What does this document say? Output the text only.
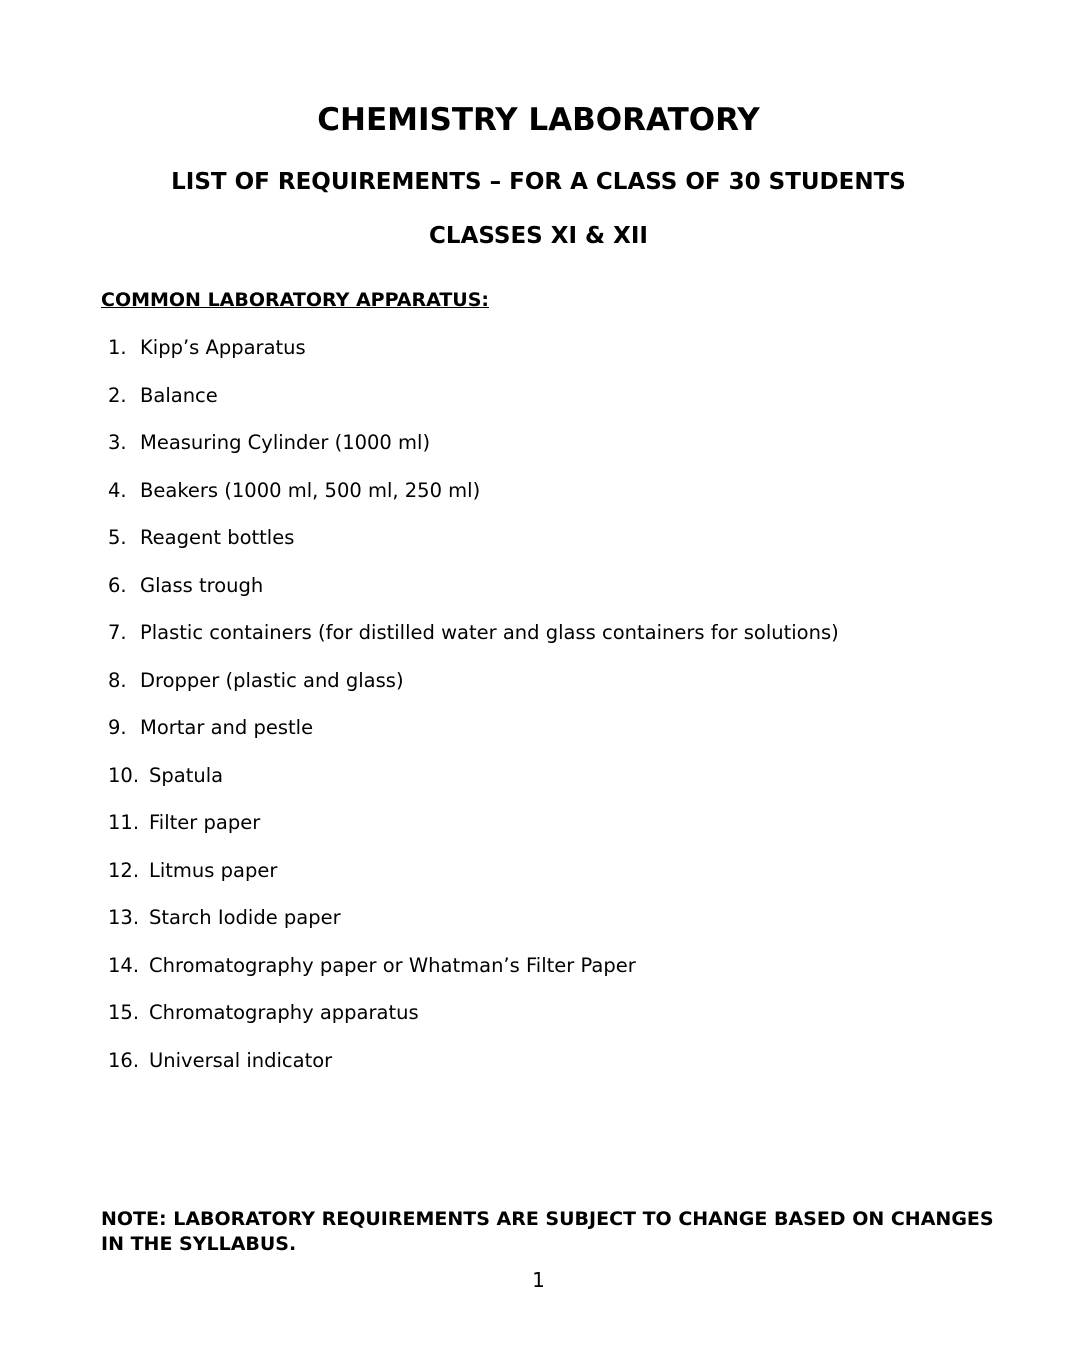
CHEMISTRY LABORATORY
LIST OF REQUIREMENTS – FOR A CLASS OF 30 STUDENTS
CLASSES XI & XII
COMMON LABORATORY APPARATUS:
1. Kipp’s Apparatus
2. Balance
3. Measuring Cylinder (1000 ml)
4. Beakers (1000 ml, 500 ml, 250 ml)
5. Reagent bottles
6. Glass trough
7. Plastic containers (for distilled water and glass containers for solutions)
8. Dropper (plastic and glass)
9. Mortar and pestle
10. Spatula
11. Filter paper
12. Litmus paper
13. Starch Iodide paper
14. Chromatography paper or Whatman’s Filter Paper
15. Chromatography apparatus
16. Universal indicator

NOTE: LABORATORY REQUIREMENTS ARE SUBJECT TO CHANGE BASED ON CHANGES IN THE SYLLABUS.

1
